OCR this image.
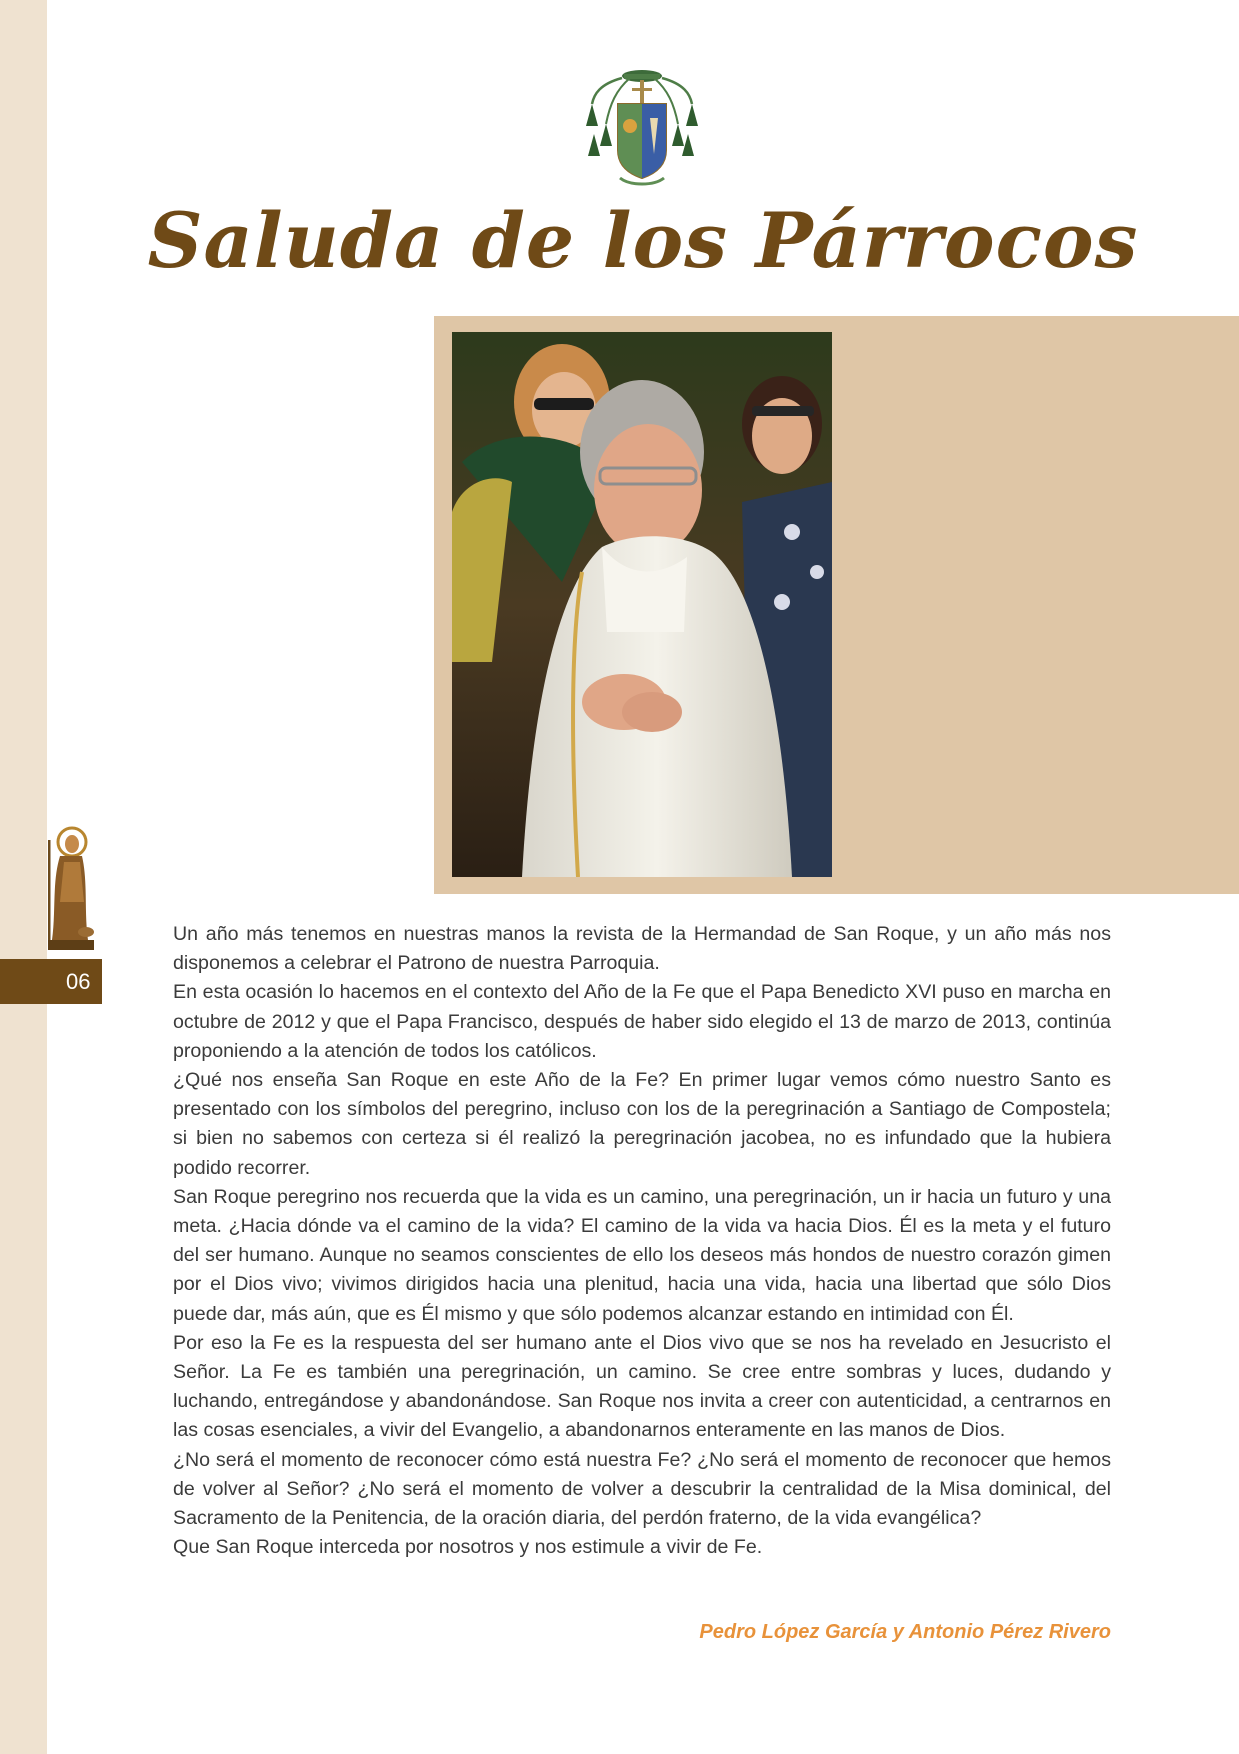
Saluda de los Párrocos
06

Un año más tenemos en nuestras manos la revista de la Hermandad de San Roque, y un año más nos disponemos a celebrar el Patrono de nuestra Parroquia.

En esta ocasión lo hacemos en el contexto del Año de la Fe que el Papa Benedicto XVI puso en marcha en octubre de 2012 y que el Papa Francisco, después de haber sido elegido el 13 de marzo de 2013, continúa proponiendo a la atención de todos los católicos.

¿Qué nos enseña San Roque en este Año de la Fe? En primer lugar vemos cómo nuestro Santo es presentado con los símbolos del peregrino, incluso con los de la peregrinación a Santiago de Compostela; si bien no sabemos con certeza si él realizó la peregrinación jacobea, no es infundado que la hubiera podido recorrer.

San Roque peregrino nos recuerda que la vida es un camino, una peregrinación, un ir hacia un futuro y una meta. ¿Hacia dónde va el camino de la vida? El camino de la vida va hacia Dios. Él es la meta y el futuro del ser humano. Aunque no seamos conscientes de ello los deseos más hondos de nuestro corazón gimen por el Dios vivo; vivimos dirigidos hacia una plenitud, hacia una vida, hacia una libertad que sólo Dios puede dar, más aún, que es Él mismo y que sólo podemos alcanzar estando en intimidad con Él.

Por eso la Fe es la respuesta del ser humano ante el Dios vivo que se nos ha revelado en Jesucristo el Señor. La Fe es también una peregrinación, un camino. Se cree entre sombras y luces, dudando y luchando, entregándose y abandonándose. San Roque nos invita a creer con autenticidad, a centrarnos en las cosas esenciales, a vivir del Evangelio, a abandonarnos enteramente en las manos de Dios.

¿No será el momento de reconocer cómo está nuestra Fe? ¿No será el momento de reconocer que hemos de volver al Señor? ¿No será el momento de volver a descubrir la centralidad de la Misa dominical, del Sacramento de la Penitencia, de la oración diaria, del perdón fraterno, de la vida evangélica?

Que San Roque interceda por nosotros y nos estimule a vivir de Fe.

Pedro López García y Antonio Pérez Rivero
